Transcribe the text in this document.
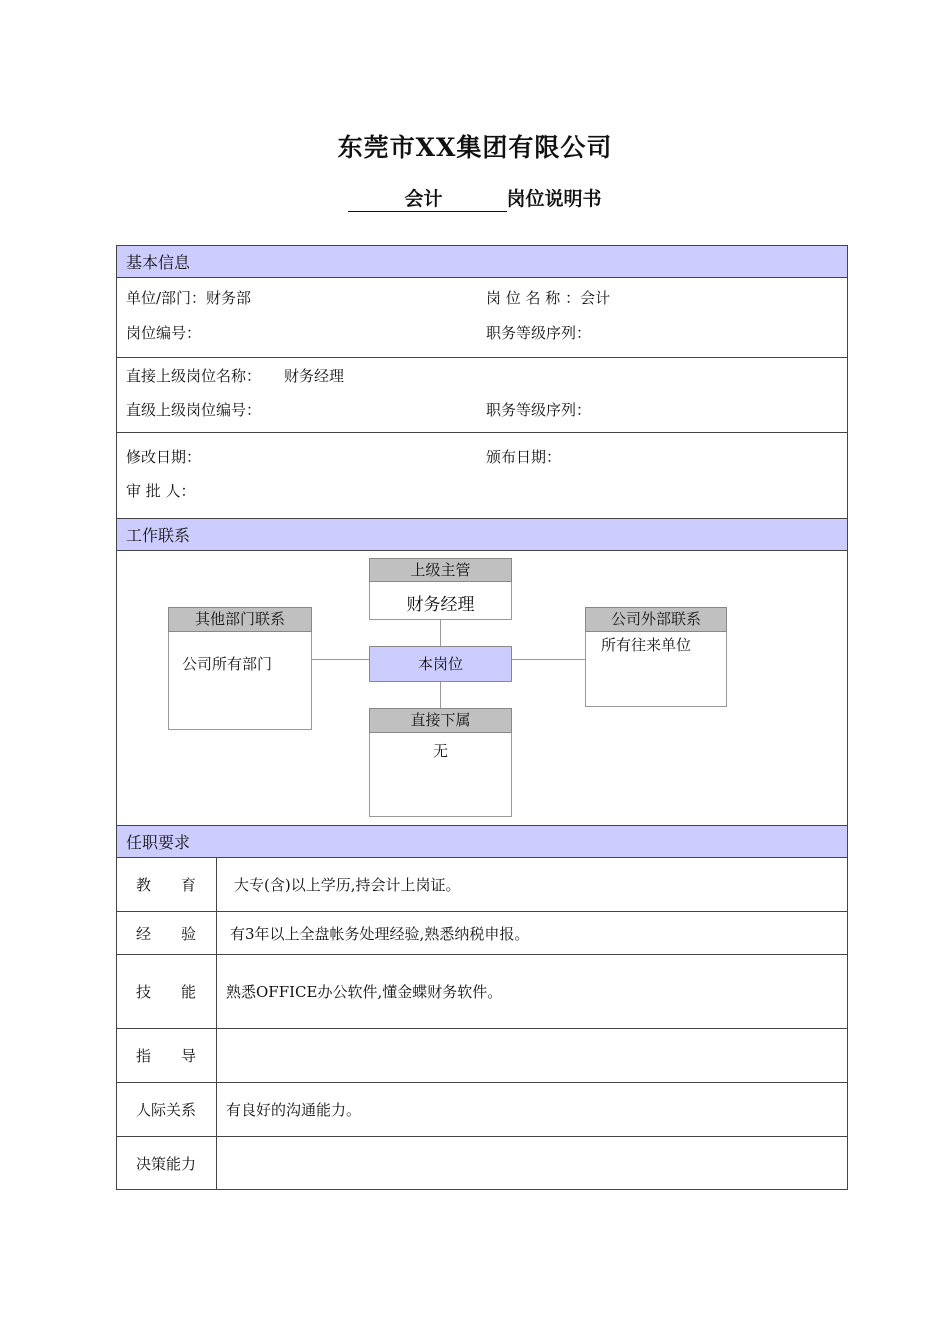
东莞市XX集团有限公司
会计	岗位说明书
基本信息
单位/部门：财务部	岗 位 名 称 ：会计
岗位编号：	职务等级序列：
直接上级岗位名称： 财务经理
直级上级岗位编号：	职务等级序列：
修改日期：	颁布日期：
审 批 人：
工作联系
上级主管
财务经理
其他部门联系
公司所有部门	本岗位
公司外部联系
所有往来单位
直接下属
无
任职要求
教　　育	大专(含)以上学历,持会计上岗证。
经　　验	有3年以上全盘帐务处理经验,熟悉纳税申报。
技　　能	熟悉OFFICE办公软件,懂金蝶财务软件。
指　　导
人际关系	有良好的沟通能力。
决策能力
